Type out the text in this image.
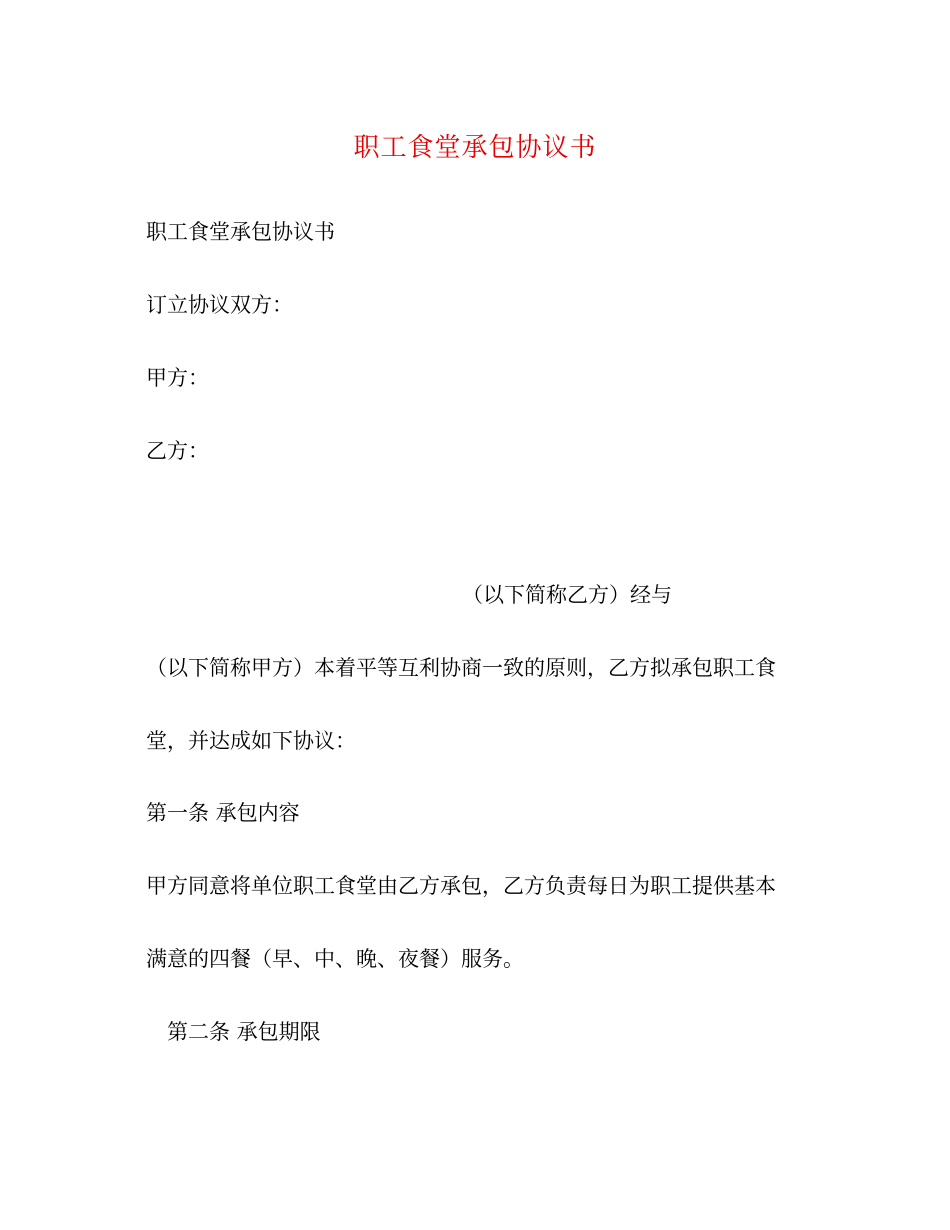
职工食堂承包协议书
职工食堂承包协议书
订立协议双方：
甲方：
乙方：
（以下简称乙方）经与
（以下简称甲方）本着平等互利协商一致的原则，乙方拟承包职工食
堂，并达成如下协议：
第一条 承包内容
甲方同意将单位职工食堂由乙方承包，乙方负责每日为职工提供基本
满意的四餐（早、中、晚、夜餐）服务。
第二条 承包期限
